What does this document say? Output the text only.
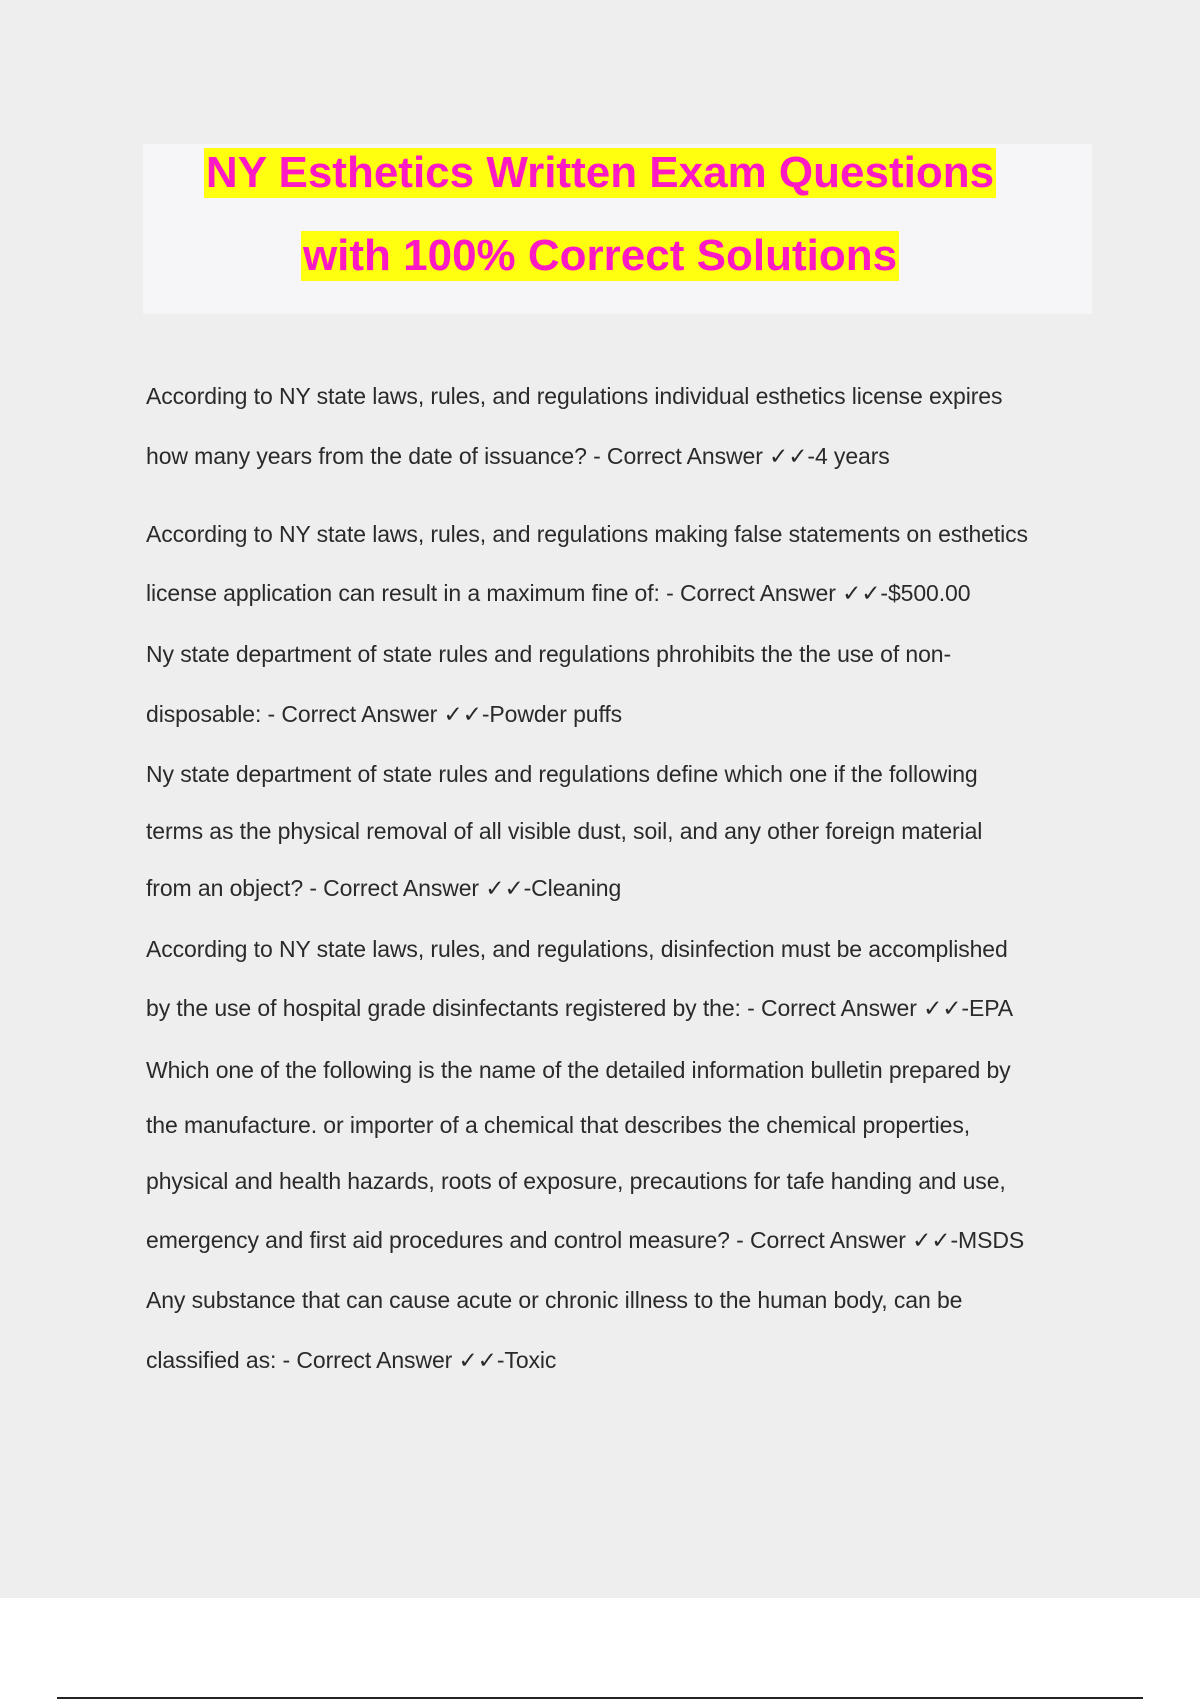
NY Esthetics Written Exam Questions
with 100% Correct Solutions
According to NY state laws, rules, and regulations individual esthetics license expires
how many years from the date of issuance? - Correct Answer ✓✓-4 years
According to NY state laws, rules, and regulations making false statements on esthetics
license application can result in a maximum fine of: - Correct Answer ✓✓-$500.00
Ny state department of state rules and regulations phrohibits the the use of non-
disposable: - Correct Answer ✓✓-Powder puffs
Ny state department of state rules and regulations define which one if the following
terms as the physical removal of all visible dust, soil, and any other foreign material
from an object? - Correct Answer ✓✓-Cleaning
According to NY state laws, rules, and regulations, disinfection must be accomplished
by the use of hospital grade disinfectants registered by the: - Correct Answer ✓✓-EPA
Which one of the following is the name of the detailed information bulletin prepared by
the manufacture. or importer of a chemical that describes the chemical properties,
physical and health hazards, roots of exposure, precautions for tafe handing and use,
emergency and first aid procedures and control measure? - Correct Answer ✓✓-MSDS
Any substance that can cause acute or chronic illness to the human body, can be
classified as: - Correct Answer ✓✓-Toxic
